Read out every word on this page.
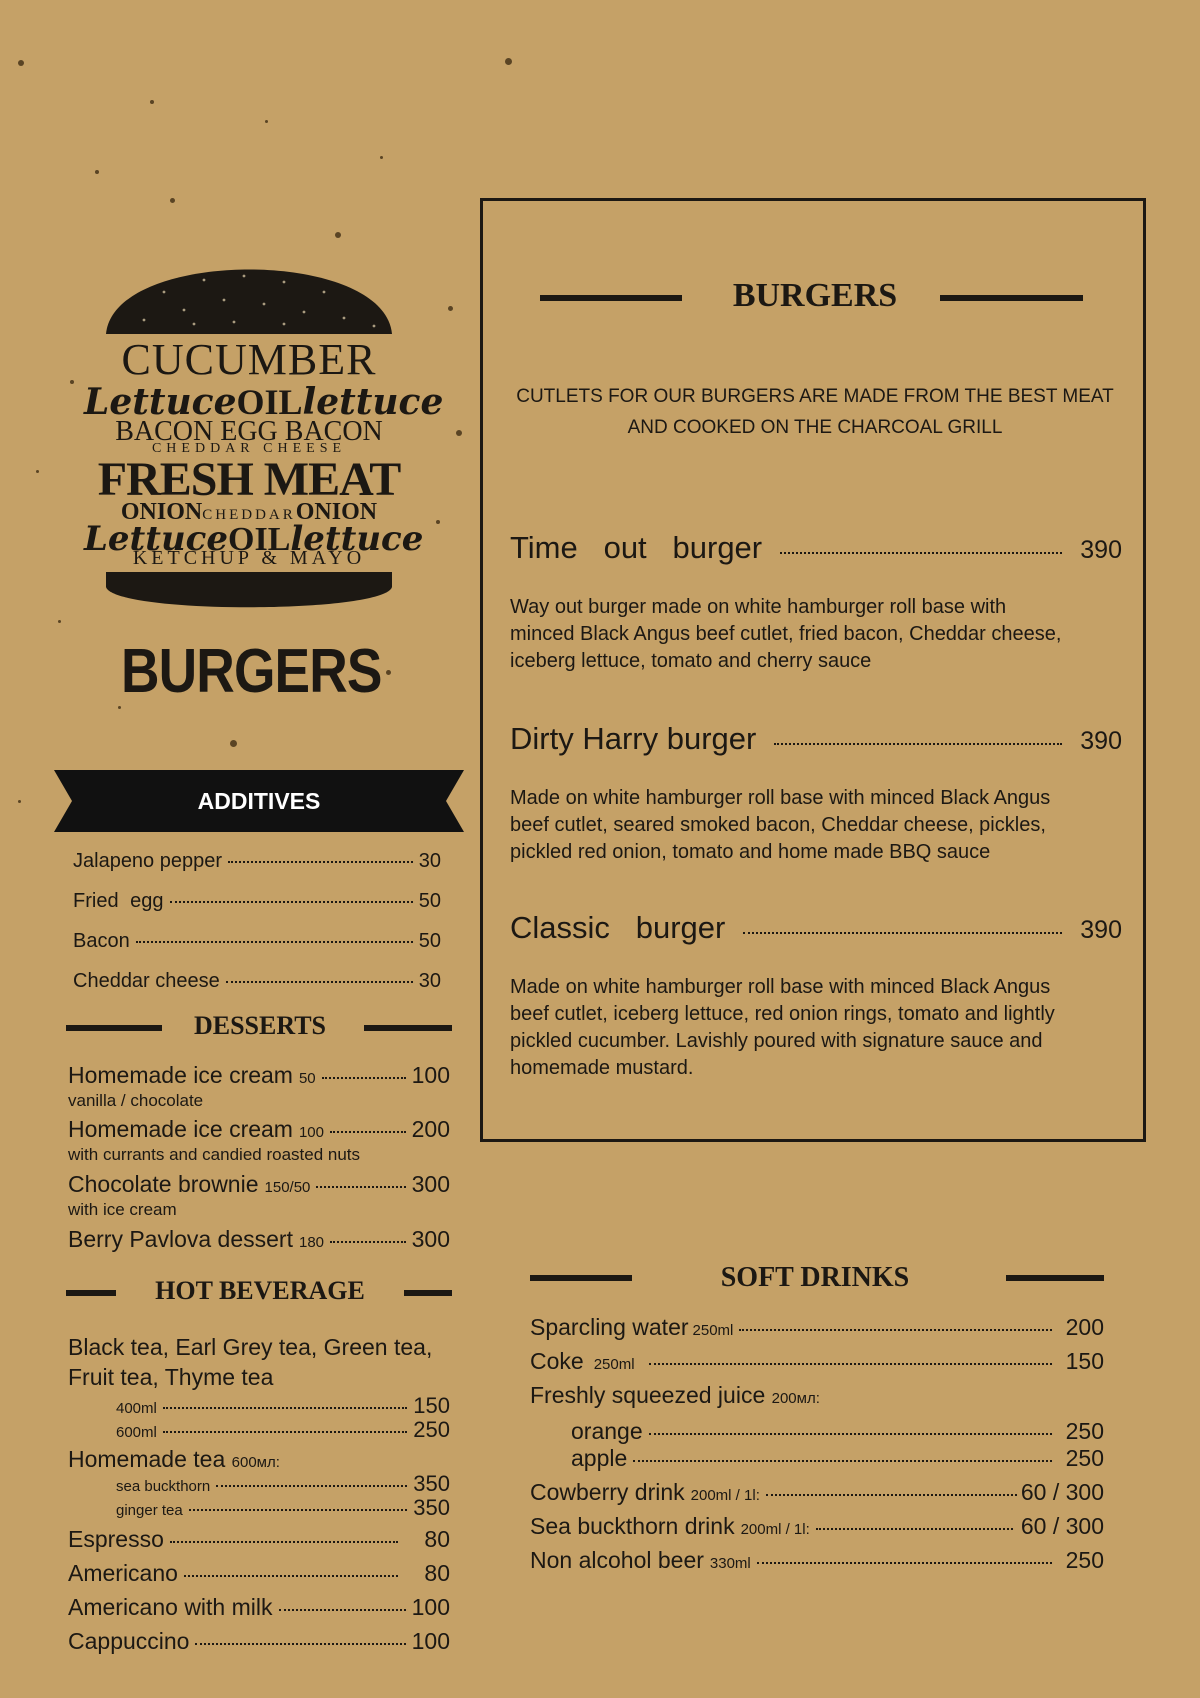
CUCUMBER
LettuceOILlettuce
BACON EGG BACON
CHEDDAR CHEESE
FRESH MEAT
ONIONCHEDDARONION
LettuceOILlettuce
KETCHUP & MAYO
BURGERS
ADDITIVES
Jalapeno pepper	30
Fried egg	50
Bacon	50
Cheddar cheese	30
DESSERTS
Homemade ice cream 50	100
vanilla / chocolate
Homemade ice cream 100	200
with currants and candied roasted nuts
Chocolate brownie 150/50	300
with ice cream
Berry Pavlova dessert 180	300
HOT BEVERAGE
Black tea, Earl Grey tea, Green tea,
Fruit tea, Thyme tea
400ml	150
600ml	250
Homemade tea 600мл:
sea buckthorn	350
ginger tea	350
Espresso	80
Americano	80
Americano with milk	100
Cappuccino	100
BURGERS
CUTLETS FOR OUR BURGERS ARE MADE FROM THE BEST MEAT
AND COOKED ON THE CHARCOAL GRILL
Time   out   burger	390
Way out burger made on white hamburger roll base with
minced Black Angus beef cutlet, fried bacon, Cheddar cheese,
iceberg lettuce, tomato and cherry sauce
Dirty Harry burger	390
Made on white hamburger roll base with minced Black Angus
beef cutlet, seared smoked bacon, Cheddar cheese, pickles,
pickled red onion, tomato and home made BBQ sauce
Classic   burger	390
Made on white hamburger roll base with minced Black Angus
beef cutlet, iceberg lettuce, red onion rings, tomato and lightly
pickled cucumber. Lavishly poured with signature sauce and
homemade mustard.
SOFT DRINKS
Sparcling water 250ml	200
Coke 250ml	150
Freshly squeezed juice 200мл:
orange	250
apple	250
Cowberry drink 200ml / 1l:	60 / 300
Sea buckthorn drink 200ml / 1l:	60 / 300
Non alcohol beer 330ml	250
